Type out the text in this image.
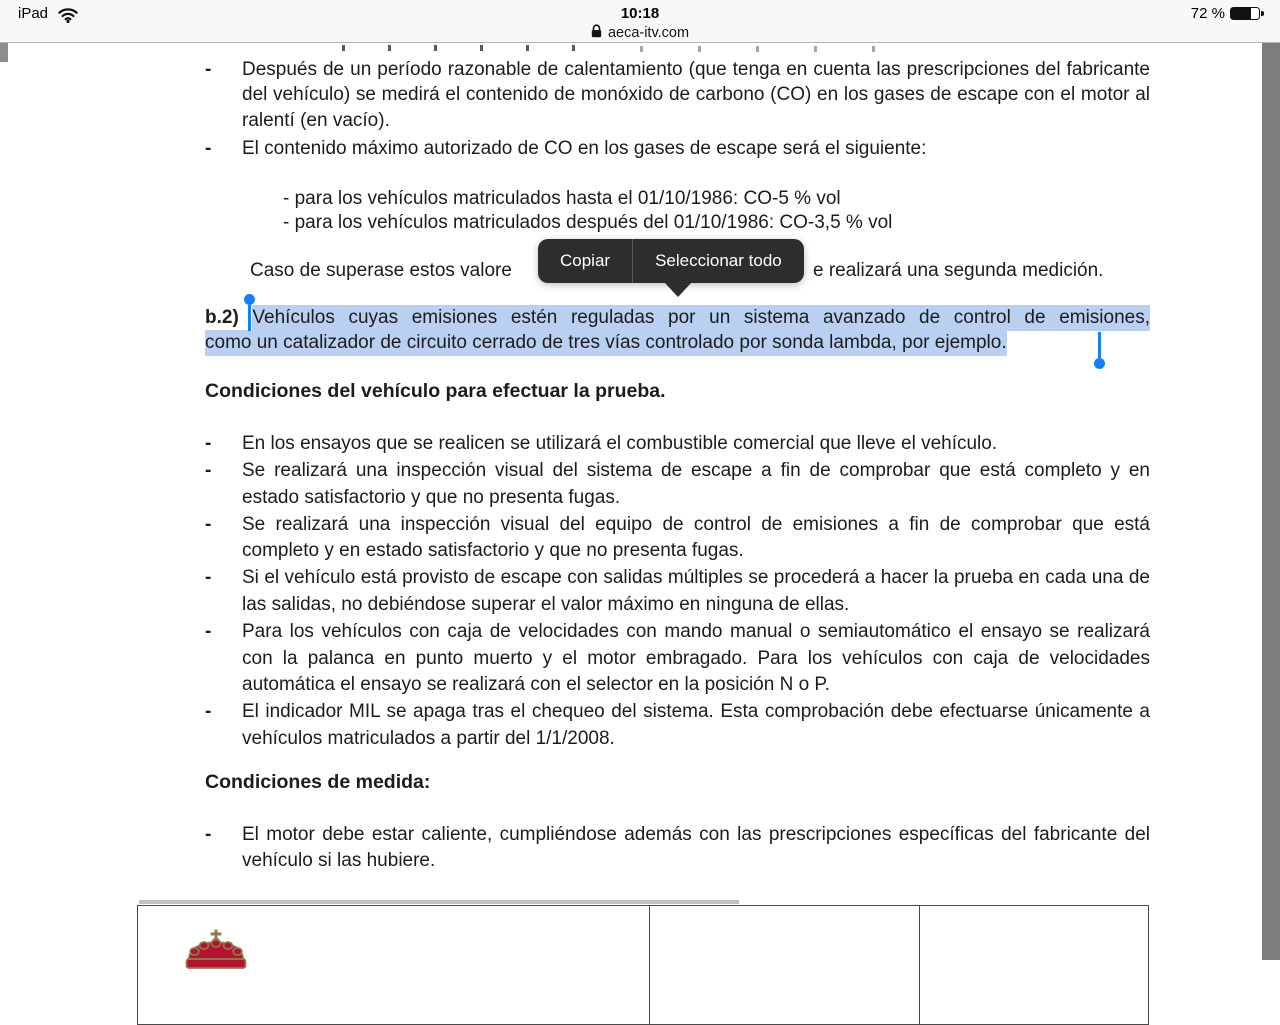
iPad	10:18	72 %
aeca-itv.com
-	Después de un período razonable de calentamiento (que tenga en cuenta las prescripciones del fabricante del vehículo) se medirá el contenido de monóxido de carbono (CO) en los gases de escape con el motor al ralentí (en vacío).
-	El contenido máximo autorizado de CO en los gases de escape será el siguiente:
- para los vehículos matriculados hasta el 01/10/1986: CO-5 % vol
- para los vehículos matriculados después del 01/10/1986: CO-3,5 % vol
Caso de superase estos valore	e realizará una segunda medición.
b.2) Vehículos cuyas emisiones estén reguladas por un sistema avanzado de control de emisiones,
como un catalizador de circuito cerrado de tres vías controlado por sonda lambda, por ejemplo.
Copiar	Seleccionar todo
Condiciones del vehículo para efectuar la prueba.
-	En los ensayos que se realicen se utilizará el combustible comercial que lleve el vehículo.
-	Se realizará una inspección visual del sistema de escape a fin de comprobar que está completo y en estado satisfactorio y que no presenta fugas.
-	Se realizará una inspección visual del equipo de control de emisiones a fin de comprobar que está completo y en estado satisfactorio y que no presenta fugas.
-	Si el vehículo está provisto de escape con salidas múltiples se procederá a hacer la prueba en cada una de las salidas, no debiéndose superar el valor máximo en ninguna de ellas.
-	Para los vehículos con caja de velocidades con mando manual o semiautomático el ensayo se realizará con la palanca en punto muerto y el motor embragado. Para los vehículos con caja de velocidades automática el ensayo se realizará con el selector en la posición N o P.
-	El indicador MIL se apaga tras el chequeo del sistema. Esta comprobación debe efectuarse únicamente a vehículos matriculados a partir del 1/1/2008.
Condiciones de medida:
-	El motor debe estar caliente, cumpliéndose además con las prescripciones específicas del fabricante del vehículo si las hubiere.
